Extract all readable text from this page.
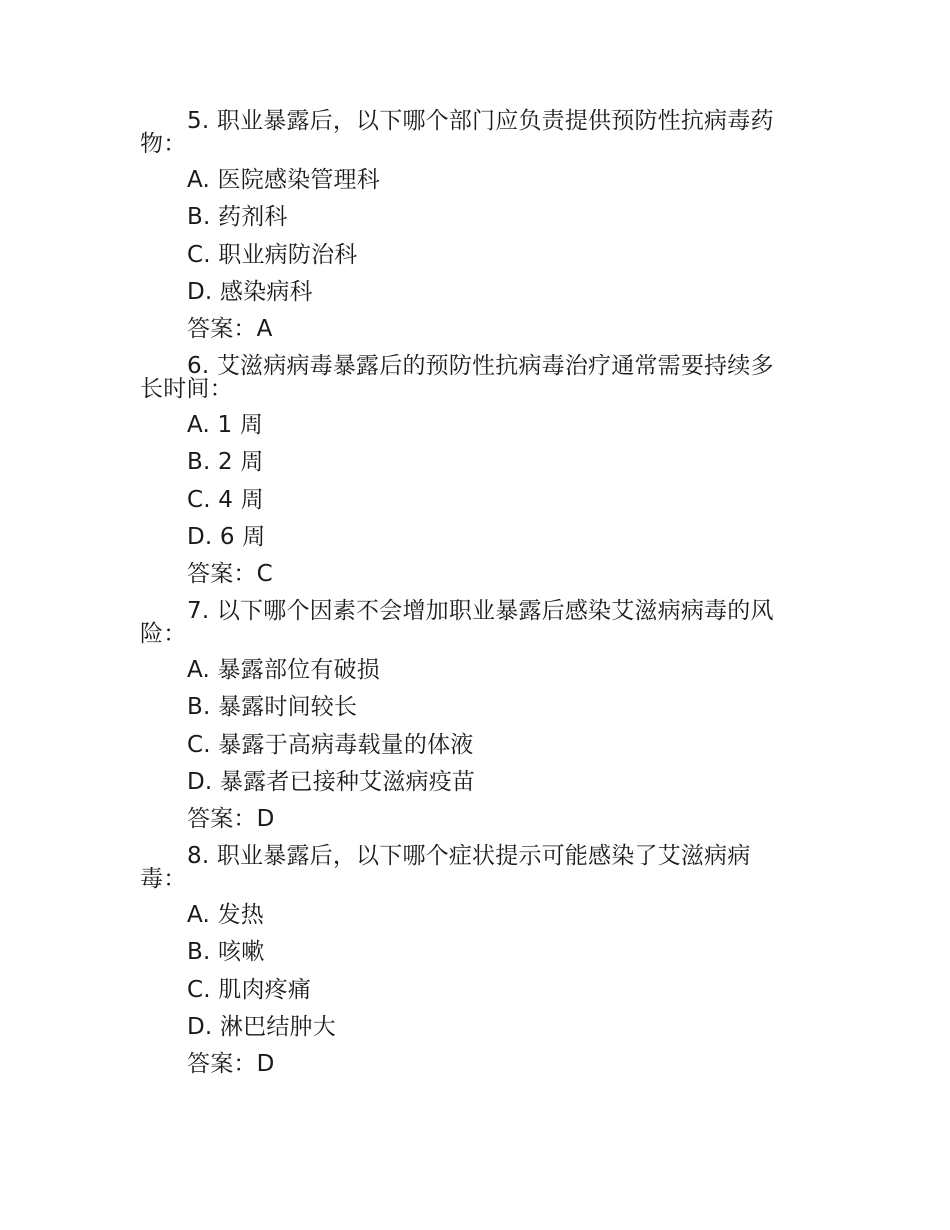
5. 职业暴露后，以下哪个部门应负责提供预防性抗病毒药
物：
A. 医院感染管理科
B. 药剂科
C. 职业病防治科
D. 感染病科
答案：A
6. 艾滋病病毒暴露后的预防性抗病毒治疗通常需要持续多
长时间：
A. 1 周
B. 2 周
C. 4 周
D. 6 周
答案：C
7. 以下哪个因素不会增加职业暴露后感染艾滋病病毒的风
险：
A. 暴露部位有破损
B. 暴露时间较长
C. 暴露于高病毒载量的体液
D. 暴露者已接种艾滋病疫苗
答案：D
8. 职业暴露后，以下哪个症状提示可能感染了艾滋病病
毒：
A. 发热
B. 咳嗽
C. 肌肉疼痛
D. 淋巴结肿大
答案：D
